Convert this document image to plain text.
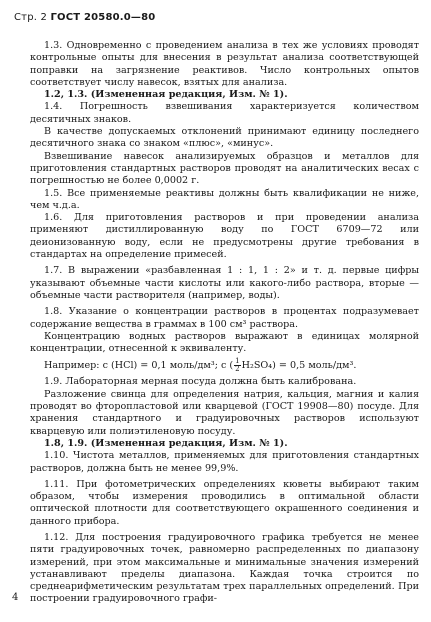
Стр. 2 ГОСТ 20580.0—80

1.3. Одновременно с проведением анализа в тех же условиях проводят контрольные опыты для внесения в результат анализа соответствующей поправки на загрязнение реактивов. Число контрольных опытов соответствует числу навесок, взятых для анализа.

1.2, 1.3. (Измененная редакция, Изм. № 1).

1.4. Погрешность взвешивания характеризуется количеством десятичных знаков.

В качестве допускаемых отклонений принимают единицу последнего десятичного знака со знаком «плюс», «минус».

Взвешивание навесок анализируемых образцов и металлов для приготовления стандартных растворов проводят на аналитических весах с погрешностью не более 0,0002 г.

1.5. Все применяемые реактивы должны быть квалификации не ниже, чем ч.д.а.

1.6. Для приготовления растворов и при проведении анализа применяют дистиллированную воду по ГОСТ 6709—72 или деионизованную воду, если не предусмотрены другие требования в стандартах на определение примесей.

1.7. В выражении «разбавленная 1 : 1, 1 : 2» и т. д. первые цифры указывают объемные части кислоты или какого-либо раствора, вторые — объемные части растворителя (например, воды).

1.8. Указание о концентрации растворов в процентах подразумевает содержание вещества в граммах в 100 см³ раствора.

Концентрацию водных растворов выражают в единицах молярной концентрации, отнесенной к эквиваленту.

Например: с (HCl) = 0,1 моль/дм³; с ( $\frac{1}{2} H_2SO_4) = 0,5$ моль/дм³.

1.9. Лабораторная мерная посуда должна быть калибрована.

Разложение свинца для определения натрия, кальция, магния и калия проводят во фторопластовой или кварцевой (ГОСТ 19908—80) посуде. Для хранения стандартного и градуировочных растворов используют кварцевую или полиэтиленовую посуду.

1.8, 1.9. (Измененная редакция, Изм. № 1).

1.10. Чистота металлов, применяемых для приготовления стандартных растворов, должна быть не менее 99,9%.

1.11. При фотометрических определениях кюветы выбирают таким образом, чтобы измерения проводились в оптимальной области оптической плотности для соответствующего окрашенного соединения и данного прибора.

1.12. Для построения градуировочного графика требуется не менее пяти градуировочных точек, равномерно распределенных по диапазону измерений, при этом максимальные и минимальные значения измерений устанавливают пределы диапазона. Каждая точка строится по среднеарифметическим результатам трех параллельных определений. При построении градуировочного графи-

4
